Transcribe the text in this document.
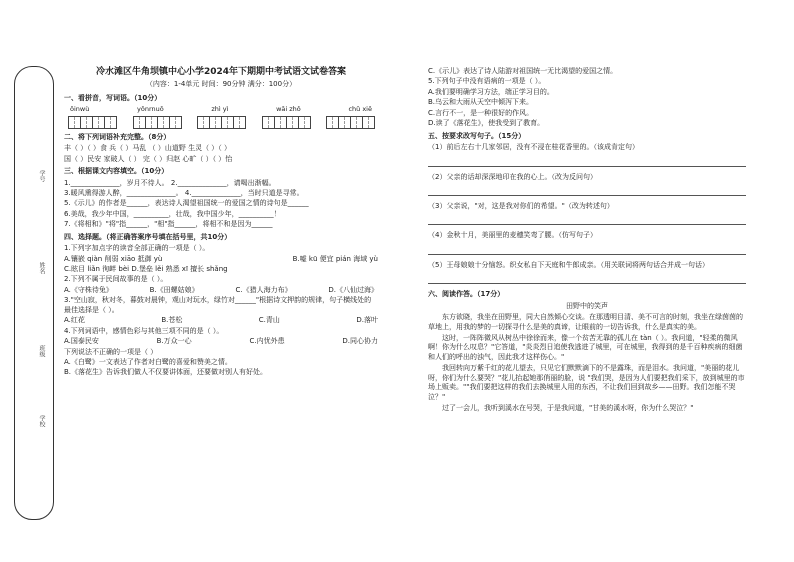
学号
姓名
班级
学校
冷水滩区牛角坝镇中心小学2024年下期期中考试语文试卷答案
（内容：1-4单元 时间：90分钟 满分：100分）
一、看拼音，写词语。（10分）
ōinwù	yōnrnuō	zhì yì	wāi zhǒ	chǔ xiē
二、将下列词语补充完整。（8分）
丰（ ）（ ）食 兵（ ）马乱 （ ）山道野 生灵（ ）（ ）
国（ ）民安 家破人（ ） 完（ ）归赵 心旷（ ）（ ）怡
三、根据课文内容填空。（10分）
1.______________，岁月不待人。 2.______________，请喝出渐幅。
3.暖风熏得游人醉，______________。 4.______________，当时只道是寻常。
5.《示儿》的作者是______，表达诗人渴望祖国统一的爱国之情的诗句是______
6.美哉，我少年中国，__________，壮哉，我中国少年，__________！
7.《将相和》"将"指______，"相"指______，将相不和是因为______
四、选择题。（将正确答案序号填在括号里，共10分）
1.下列字加点字的读音全部正确的一项是（ ）。
A.镶嵌 qiàn 削弱 xiāo 抵御 yù	B.嘘 kū 便宜 pián 海域 yù
C.眩目 liǎn 徇衅 bèi D.堡垒 lěi 熟悉 xī 擅长 shǎng
2.下列不属于民间故事的是（ ）。
A.《守株待兔》	B.《田螺姑娘》	C.《猎人海力布》	D.《八仙过海》
3."空山寂，秋对冬，暮鼓对晨钟，观山对玩水，绿竹对______"根据诗文押韵的规律，句子横线处的最佳选择是（ ）。
A.红花	B.苍松	C.青山	D.落叶
4.下列词语中，感情色彩与其他三项不同的是（ ）。
A.国泰民安	B.万众一心	C.内忧外患	D.同心协力
下列说法不正确的一项是（ ）
A.《白鹭》一文表达了作者对白鹭的喜爱和赞美之情。
B.《落花生》告诉我们做人不仅要讲体面，还要做对别人有好处。
C.《示儿》表达了诗人陆游对祖国统一无比渴望的爱国之情。
5.下列句子中没有语病的一项是（ ）。
A.我们要明确学习方法，端正学习目的。
B.乌云和大雨从天空中倾泻下来。
C.言行不一，是一种很好的作风。
D.读了《落花生》，使我受到了教育。
五、按要求改写句子。（15分）
（1）前后左右十几家邻居，没有不浸在桂花香里的。（该成肯定句）
（2）父亲的话却深深地印在我的心上。（改为反问句）
（3）父亲说，"对，这是我对你们的希望。"（改为转述句）
（4）金秋十月，美丽里的麦穗笑弯了腰。（仿写句子）
（5）王母娘娘十分恼怒。织女私自下天庭和牛郎成亲。（用关联词将两句话合并成一句话）
六、阅读作答。（17分）
田野中的笑声
东方欲晓，我坐在田野里，同大自然倾心交谈。在那透明目清、美不可言的时刻，我坐在绿茵茵的草地上，用我的梦的一切探寻什么是美的真谛，让眼前的一切告诉我，什么是真实的美。
这时，一阵阵微风从树丛中徐徐而来，像一个贫苦无靠的孤儿在 tàn（ ）。我问道，"轻柔的微风啊！你为什么叹息？"它答道，"炎炎烈日追使我逃进了城里，可在城里，我得到的是千百种疾病的细菌和人们的呼出的浊气，因此我才这样伤心。"
我回转向万紫千红的花儿望去，只见它们默默滴下的不是露珠，而是泪水。我问道，"美丽的花儿呀，你们为什么要哭？"花儿抬起她那俏丽的脸，说 "我们哭，是因为人们要把我们采下，放到城里的市场上贩卖。""我们要把这样的我们去换城里人用的东西，不让我们回到故乡——田野。我们怎能不哭泣？"
过了一会儿，我听到溪水在号哭，于是我问道，"甘美的溪水呀，你为什么哭泣？"
